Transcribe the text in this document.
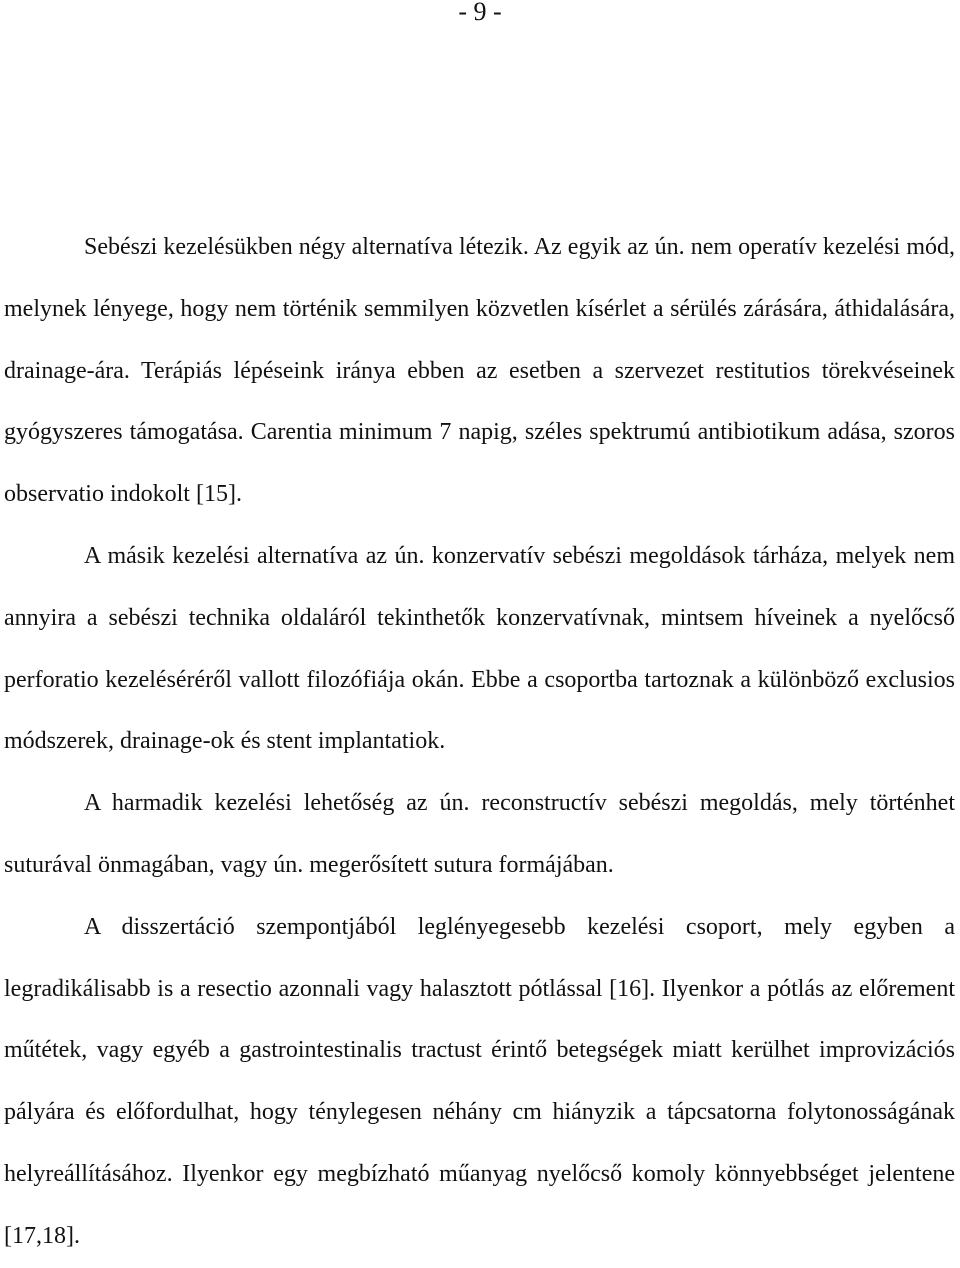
- 9 -

Sebészi kezelésükben négy alternatíva létezik. Az egyik az ún. nem operatív kezelési mód, melynek lényege, hogy nem történik semmilyen közvetlen kísérlet a sérülés zárására, áthidalására, drainage-ára. Terápiás lépéseink iránya ebben az esetben a szervezet restitutios törekvéseinek gyógyszeres támogatása. Carentia minimum 7 napig, széles spektrumú antibiotikum adása, szoros observatio indokolt [15].

A másik kezelési alternatíva az ún. konzervatív sebészi megoldások tárháza, melyek nem annyira a sebészi technika oldaláról tekinthetők konzervatívnak, mintsem híveinek a nyelőcső perforatio kezeléséréről vallott filozófiája okán. Ebbe a csoportba tartoznak a különböző exclusios módszerek, drainage-ok és stent implantatiok.

A harmadik kezelési lehetőség az ún. reconstructív sebészi megoldás, mely történhet suturával önmagában, vagy ún. megerősített sutura formájában.

A disszertáció szempontjából leglényegesebb kezelési csoport, mely egyben a legradikálisabb is a resectio azonnali vagy halasztott pótlással [16]. Ilyenkor a pótlás az előrement műtétek, vagy egyéb a gastrointestinalis tractust érintő betegségek miatt kerülhet improvizációs pályára és előfordulhat, hogy ténylegesen néhány cm hiányzik a tápcsatorna folytonosságának helyreállításához. Ilyenkor egy megbízható műanyag nyelőcső komoly könnyebbséget jelentene [17,18].
